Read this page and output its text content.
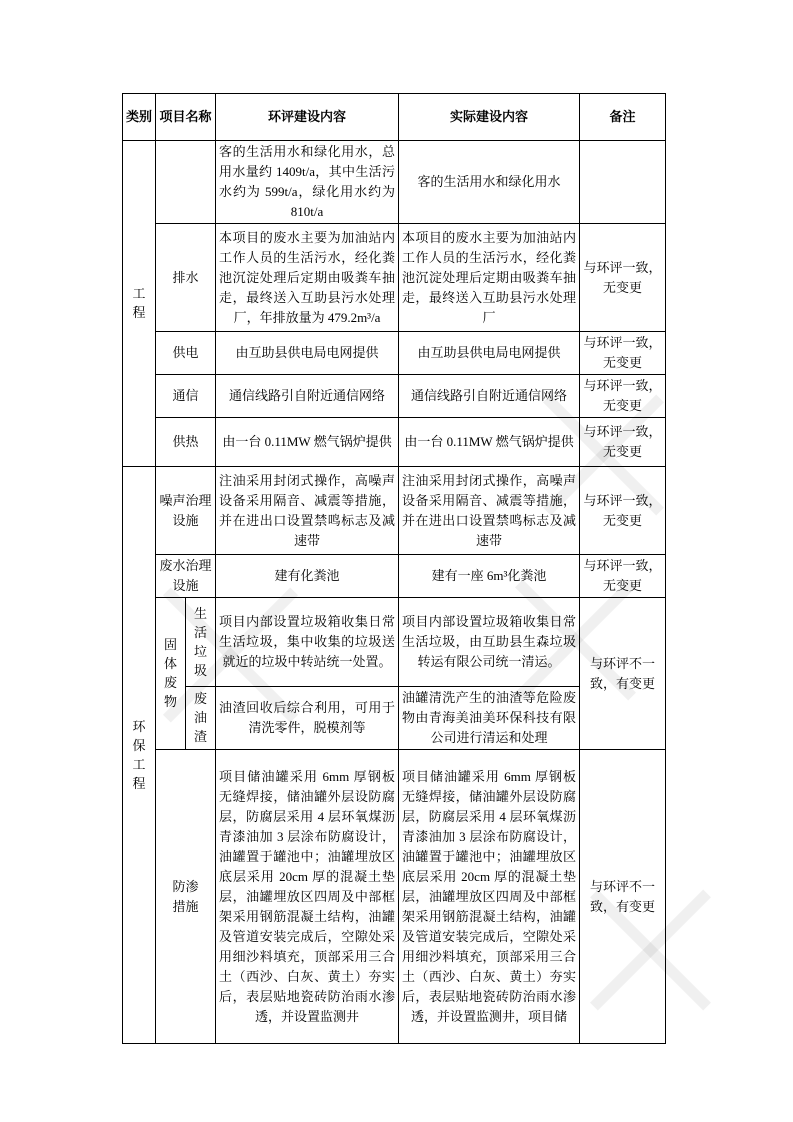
类别	项目名称		环评建设内容	实际建设内容	备注
工程			客的生活用水和绿化用水，总用水量约 1409t/a，其中生活污水约为 599t/a，绿化用水约为 810t/a	客的生活用水和绿化用水	
	排水		本项目的废水主要为加油站内工作人员的生活污水，经化粪池沉淀处理后定期由吸粪车抽走，最终送入互助县污水处理厂，年排放量为 479.2m³/a	本项目的废水主要为加油站内工作人员的生活污水，经化粪池沉淀处理后定期由吸粪车抽走，最终送入互助县污水处理厂	与环评一致，无变更
	供电		由互助县供电局电网提供	由互助县供电局电网提供	与环评一致，无变更
	通信		通信线路引自附近通信网络	通信线路引自附近通信网络	与环评一致，无变更
	供热		由一台 0.11MW 燃气锅炉提供	由一台 0.11MW 燃气锅炉提供	与环评一致，无变更
环保工程	噪声治理设施		注油采用封闭式操作，高噪声设备采用隔音、减震等措施，并在进出口设置禁鸣标志及减速带	注油采用封闭式操作，高噪声设备采用隔音、减震等措施，并在进出口设置禁鸣标志及减速带	与环评一致，无变更
	废水治理设施		建有化粪池	建有一座 6m³化粪池	与环评一致，无变更
	固体废物	生活垃圾	项目内部设置垃圾箱收集日常生活垃圾，集中收集的垃圾送就近的垃圾中转站统一处置。	项目内部设置垃圾箱收集日常生活垃圾，由互助县生森垃圾转运有限公司统一清运。	与环评不一致，有变更
		废油渣	油渣回收后综合利用，可用于清洗零件，脱模剂等	油罐清洗产生的油渣等危险废物由青海美油美环保科技有限公司进行清运和处理	
	防渗措施		项目储油罐采用 6mm 厚钢板无缝焊接，储油罐外层设防腐层，防腐层采用 4 层环氧煤沥青漆油加 3 层涂布防腐设计，油罐置于罐池中；油罐埋放区底层采用 20cm 厚的混凝土垫层，油罐埋放区四周及中部框架采用钢筋混凝土结构，油罐及管道安装完成后，空隙处采用细沙料填充，顶部采用三合土（西沙、白灰、黄土）夯实后，表层贴地瓷砖防治雨水渗透，并设置监测井	项目储油罐采用 6mm 厚钢板无缝焊接，储油罐外层设防腐层，防腐层采用 4 层环氧煤沥青漆油加 3 层涂布防腐设计，油罐置于罐池中；油罐埋放区底层采用 20cm 厚的混凝土垫层，油罐埋放区四周及中部框架采用钢筋混凝土结构，油罐及管道安装完成后，空隙处采用细沙料填充，顶部采用三合土（西沙、白灰、黄土）夯实后，表层贴地瓷砖防治雨水渗透，并设置监测井，项目储	与环评不一致，有变更
